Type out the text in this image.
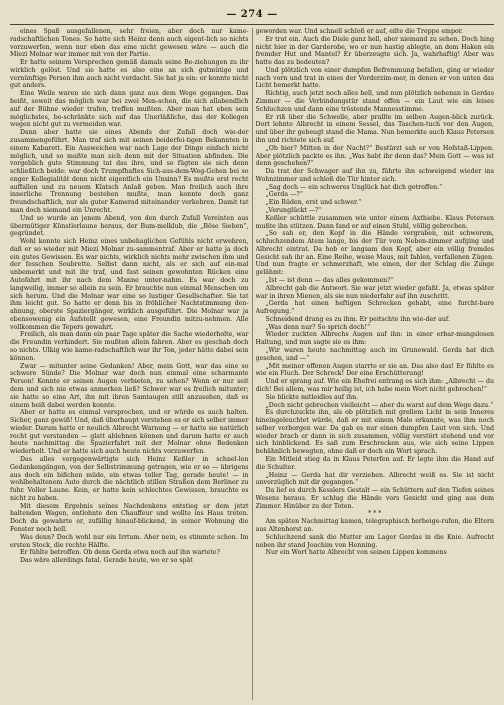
— 274 —

eines Spaß ausgefallenen, sehr freien, aber doch nur kame-radschaftlichen Tones. So hatte sich Heinz denn auch eigent-lich so nichts vorzuwerfen, wenn nur eben das eine nicht gewesen wäre — auch die Miezi Molnar war immer mit von der Partie.

Er hatte seinem Versprechen gemäß damals seine Be-ziehungen zu ihr wirklich gelöst. Und sie hatte es also eine an sich gutmütige und vernünftige Person ihm auch nicht verdacht. Sie hat ja ein: er konnte nicht gut anders.

Eine Weile waren sie sich dann ganz aus dem Wege gegangen. Das heißt, soweit das möglich war bei zwei Men-schen, die sich allabendlich auf der Bühne wieder trafen, treffen mußten. Aber man hat eben sein möglichstes, be-schränkte sich auf das Unerläßliche, das der Kollegen wegen nicht gut zu vermeiden war.

Dann aber hatte sie eines Abends der Zufall doch wie-der zusammengeführt. Man traf sich mit seinen beiderfei-tigen Bekannten in einem Kabarett. Ein Ausweichen war nach Lage der Dinge einfach nicht möglich, und so mußte man sich denn mit der Situation abfinden. Die vorgeblich gute Stimmung tat das ihre, und so fügten sie sich denn schließlich beide: war doch Trumpfhaftes Sich-aus-dem-Weg-Gehen bei so enger Kollegialität denn nicht eigentlich ein Unsinn? Es mußte erst recht auffallen und zu neuem Klatsch Anlaß geben. Man freilich auch ihre innerliche Trennung bestehen mußte, man konnte doch ganz freundschaftlich, nur als guter Kamerad miteinander verkehren. Damit tat man doch niemand ein Unrecht.

Und so wurde an jenem Abend, von den durch Zufall Vereinten aus übermütiger Künstlerlaune heraus, der Bum-melklub, die „Böse Sieben“, gegründet.

Wohl konnte sich Heinz eines unbehaglichen Gefühls nicht erwehren, daß er so wieder mit Miezi Molnar zu-sammentraf. Aber er hatte ja doch ein gutes Gewissen. Es war nichts, wirklich nichts mehr zwischen ihm und der fesschen Soubrette. Selbst dann nicht, als er sich auf ein-mal unbemerkt und mit ihr traf, und fast seinen gewohnten Rücken eine Autofahrt mit ihr nach dem Manne unter-nahm. Es war doch zu langweilig, immer so allein zu sein. Er brauchte nun einmal Menschen um sich herum. Und die Molnar war eine so lustiger Gesellschafter. Sie tat ihm leicht gut. So hatte er denn bis in fröhlicher Nachtstimmung den-ahnung, oberste Spaziergänger, wirklich ausgeführt. Die Molnar war ja ebensowenig ein Aufstellt gewesen, eine Freundin mitzu-nehmen. Alle vollkommen die Tepers gewahrt.

Freilich, als man dann ein paar Tage später die Sache wiederholte, war die Freundin verhindert. Sie mußten allein fahren. Aber es geschah doch so nichts. Ulkig wie kame-radschaftlich war ihr Ton, jeder hätte dabei sein können.

Zwar — mitunter seine Gedanken! Aber, mein Gott, war das eine so schwere Sünde? Die Molnar war doch nun einmal eine scharmante Person! Konnte er seinen Augen verbieten, zu sehen? Wenn er nur seit dem und sich nie etwas anmerken ließ? Schwer war es freilich mitunter; sie hatte so eine Art, ihn mit ihren Samtaugen still anzusehen, daß es einem heiß dabei werden konnte.

Aber er hatte es einmal versprochen, und er würde es auch halten. Sicher, ganz gewiß! Und, daß überhaupt verstehen es er sich selber immer wieder. Darum hatte er neulich Albrecht Warnung — er hatte sie natürlich recht gut verstanden — glatt ablehnen können und darum hatte er auch heute nachmittag die Spazierfahrt mit der Molnar ohne Bedenken wiederholt. Und er hatte sich auch heute nichts vorzuwerfen.

Das alles vergegenwärtigte sich Heinz Keßler in schnel-len Gedankengängen, von der Selbstrimmung getragen, wie er so — übrigens aus doch ein bißchen müde, ein etwas toller Tag, gerade heute! — in wohlbehaltenem Auto durch die nächtlich stillen Straßen dem Berliner zu fuhr. Voller Laune. Kein, er hatte kein schlechtes Gewissen, brauchte es nicht zu haben.

Mit diesem Ergebnis seines Nachdenkens entstieg er dem jetzt haltenden Wagen, entlohnte den Chauffeur und wollte ins Haus treten. Doch da gewahrte er, zufällig hinauf-blickend, in seiner Wohnung die Fenster noch hell.

Was denn? Doch wohl nur ein Irrtum. Aber nein, es stimmte schon. Im ersten Stock, die rechte Hälfte.

Er fühlte betroffen. Ob denn Gerda etwa noch auf ihn wartete?

Das wäre allerdings fatal. Gerade heute, wo er so spät

geworden war. Und schnell schloß er auf, eilte die Treppe empor.

Er trat ein. Auch die Diele ganz hell, aber niemand zu sehen. Doch hing nicht hier in der Garderobe, wo er nun hastig ablegte, an dem Haken ein fremder Hut und Mantel? Er überzeugte sich. Ja, wahrhaftig! Aber was hatte das zu bedeuten?

Und plötzlich von einer dumpfen Befremmung befallen, ging er wieder nach vorn und trat in eines der Vorderzim-mer, in denen er von unten das Licht bemerkt hatte.

Richtig, auch jetzt noch alles hell, und nun plötzlich nebenan in Gerdas Zimmer — die Verbindungstür stand offen — ein Laut wie ein leises Schluchzen und dann eine tröstende Mannesstimme.

Er riß über die Schwelle, aber prallte im selben Augen-blick zurück. Dort lehnte Albrecht in einem Sessel, das Taschen-tuch vor den Augen, und über ihr gebeugt stand die Mama. Nun bemerkte auch Klaus Petersen ihn und richtete sich auf.

„Ob hier? Mitten in der Nacht?“ Bestürzt sah er von Hofstaß-Lippen. Aber plötzlich packte es ihn. „Was habt ihr denn das? Mein Gott — was ist denn geschehen?“

Da trat der Schwager auf ihn zu, führte ihn schweigend wieder ins Wohnzimmer und schloß die Tür hinter sich.

„Sag doch — ein schweres Unglück hat dich getroffen.“

„Gerda —?“

„Ein Rüden, erst und schwer.“

„Verunglückt —?“

Keßler schüttle zusammen wie unter einem Axthiebe. Klaus Petersen mußte ihn stützen. Dann fand er auf einen Stuhl, völlig gebrochen.

„So sah er, den Kopf in die Hände vergraben, mit schwerem, schluchzendem Atem lange, bis der Tür vom Neben-zimmer aufging und Albrecht eintrat. Da hob er langsam den Kopf, aber ein völlig fremdes Gesicht sah ihr an. Eine Reihe, weise Maus, mit fahlen, verfallenen Zügen. Und nun fragte er schmerzhaft, wie einen, der der Schlag die Zunge gelähmt:

„Ist — ist denn — das alles gekommen?“

Albrecht gab die Antwort. Sie war jetzt wieder gefaßt. Ja, etwas später war in ihren Mienen, als sie nun niederfahr auf ihn zuschritt.

„Gerda hat einen heftigen Schrecken gehabt, eine furcht-bare Aufregung.“

Schneidend drang es zu ihm. Er peitschte ihn wie-der auf.

„Was denn nur? So sprich doch!“

Wieder zuckten Albrechs Augen auf ihn: in einer erbar-mungslosen Haltung, und nun sagte sie es ihm:

„Wir waren heute nachmittag auch im Grunewald. Gerda hat dich gesehen, und —“

„Mit meiner offenen Augen starrte er sie an. Das also das! Er fühlte es wie ein Fluch. Der Schreck! Der eine Erschütterung!

Und er sprang auf. Wie ein Ehefrei entrang es sich ihm: „Albrecht — du dich! Bei allem, was mir heilig ist, ich habe mein Wort nicht gebrochen!“

Sie blickte mitleidlos auf ihn.

„Doch nicht gebrochen vielleicht — aber du warst auf dem Wege dazu.“

Es durchzuckte ihn, als ob plötzlich mit grellem Licht in sein Inneres hineingeleuchtet würde, daß er mit einem Male erkannte, was ihm noch selber verborgen war. Da gab es nur einen dumpfen Laut von sich. Und wieder brach er dann in sich zusammen, völlig verstört stehend und vor sich hinblickend. Es saß zum Erschrecken aus, wie sich seine Lippen behähnlich bewegten, ohne daß er doch ein Wort sprach.

Ein Mitleid stieg da in Klaus Peterfen auf. Er legte ihm die Hand auf die Schulter.

„Heinz — Gerda hat dir verziehen. Albrecht weiß es. Sie ist nicht unverzüglich mit dir gegangen.“

Da lief es durch Kesslers Gestalt — ein Schüttern auf den Tiefen seines Wesens heraus. Er schlug die Hände vors Gesicht und ging aus dem Zimmer. Hinüber zu der Toten.

* * *

Am späten Nachmittag kamen, telegraphisch herbeige-rufen, die Eltern aus Altenhorst an.

Schluchzend sank die Mutter am Lager Gerdas in die Knie. Aufrecht neben ihr stand Joachim von Henning.

Nur ein Wort hatte Albrecht von seinen Lippen kommens
